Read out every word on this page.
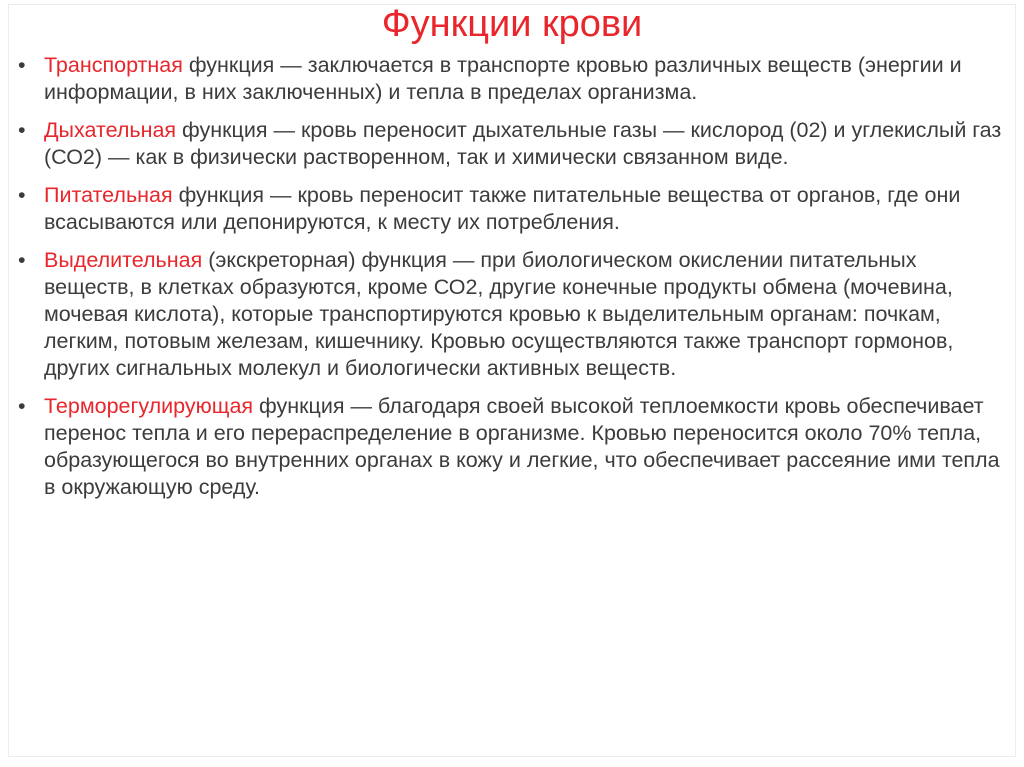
Функции крови
• Транспортная функция — заключается в транспорте кровью различных веществ (энергии и информации, в них заключенных) и тепла в пределах организма.
• Дыхательная функция — кровь переносит дыхательные газы — кислород (02) и углекислый газ (СО2) — как в физически растворенном, так и химически связанном виде.
• Питательная функция — кровь переносит также питательные вещества от органов, где они всасываются или депонируются, к месту их потребления.
• Выделительная (экскреторная) функция — при биологическом окислении питательных веществ, в клетках образуются, кроме СО2, другие конечные продукты обмена (мочевина, мочевая кислота), которые транспортируются кровью к выделительным органам: почкам, легким, потовым железам, кишечнику. Кровью осуществляются также транспорт гормонов, других сигнальных молекул и биологически активных веществ.
• Терморегулирующая функция — благодаря своей высокой теплоемкости кровь обеспечивает перенос тепла и его перераспределение в организме. Кровью переносится около 70% тепла, образующегося во внутренних органах в кожу и легкие, что обеспечивает рассеяние ими тепла в окружающую среду.
